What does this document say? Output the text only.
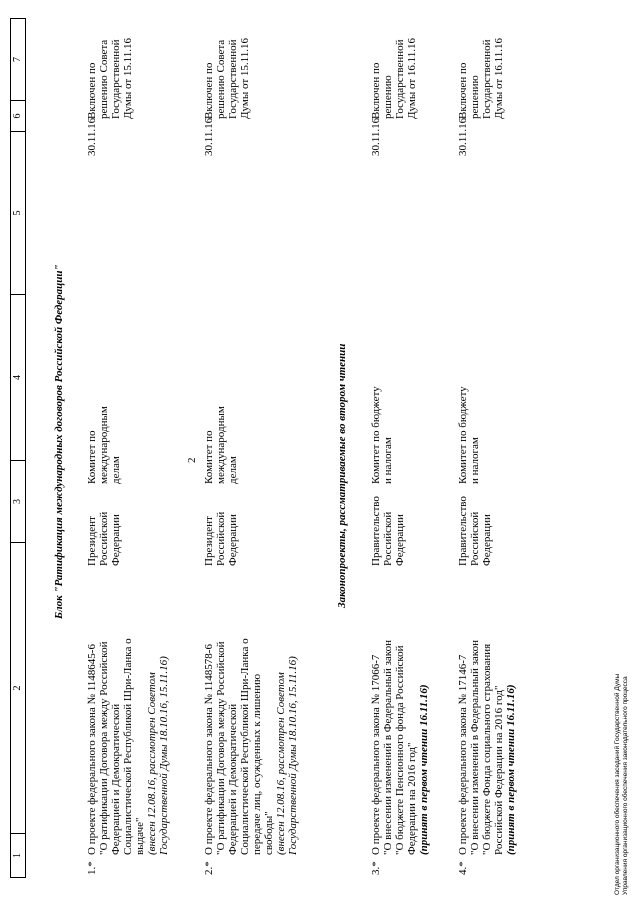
2
1
2
3
4
5
6
7
Блок "Ратификация международных договоров Российской Федерации"	Законопроекты, рассматриваемые во втором чтении
1.*
О проекте федерального закона № 1148645-6 "О ратификации Договора между Российской Федерацией и Демократической Социалистической Республикой Шри-Ланка о выдаче" (внесен 12.08.16, рассмотрен Советом Государственной Думы 18.10.16, 15.11.16)
Президент Российской Федерации
Комитет по международным делам
30.11.16
Включен по решению Совета Государственной Думы от 15.11.16
2.*
О проекте федерального закона № 1148578-6 "О ратификации Договора между Российской Федерацией и Демократической Социалистической Республикой Шри-Ланка о передаче лиц, осужденных к лишению свободы" (внесен 12.08.16, рассмотрен Советом Государственной Думы 18.10.16, 15.11.16)
Президент Российской Федерации
Комитет по международным делам
30.11.16
Включен по решению Совета Государственной Думы от 15.11.16
3.*
О проекте федерального закона № 17066-7 "О внесении изменений в Федеральный закон "О бюджете Пенсионного фонда Российской Федерации на 2016 год" (принят в первом чтении 16.11.16)
Правительство Российской Федерации
Комитет по бюджету и налогам
30.11.16
Включен по решению Государственной Думы от 16.11.16
4.*
О проекте федерального закона № 17146-7 "О внесении изменений в Федеральный закон "О бюджете Фонда социального страхования Российской Федерации на 2016 год" (принят в первом чтении 16.11.16)
Правительство Российской Федерации
Комитет по бюджету и налогам
30.11.16
Включен по решению Государственной Думы от 16.11.16
Отдел организационного обеспечения заседаний Государственной Думы Управления организационного обеспечения законодательного процесса
